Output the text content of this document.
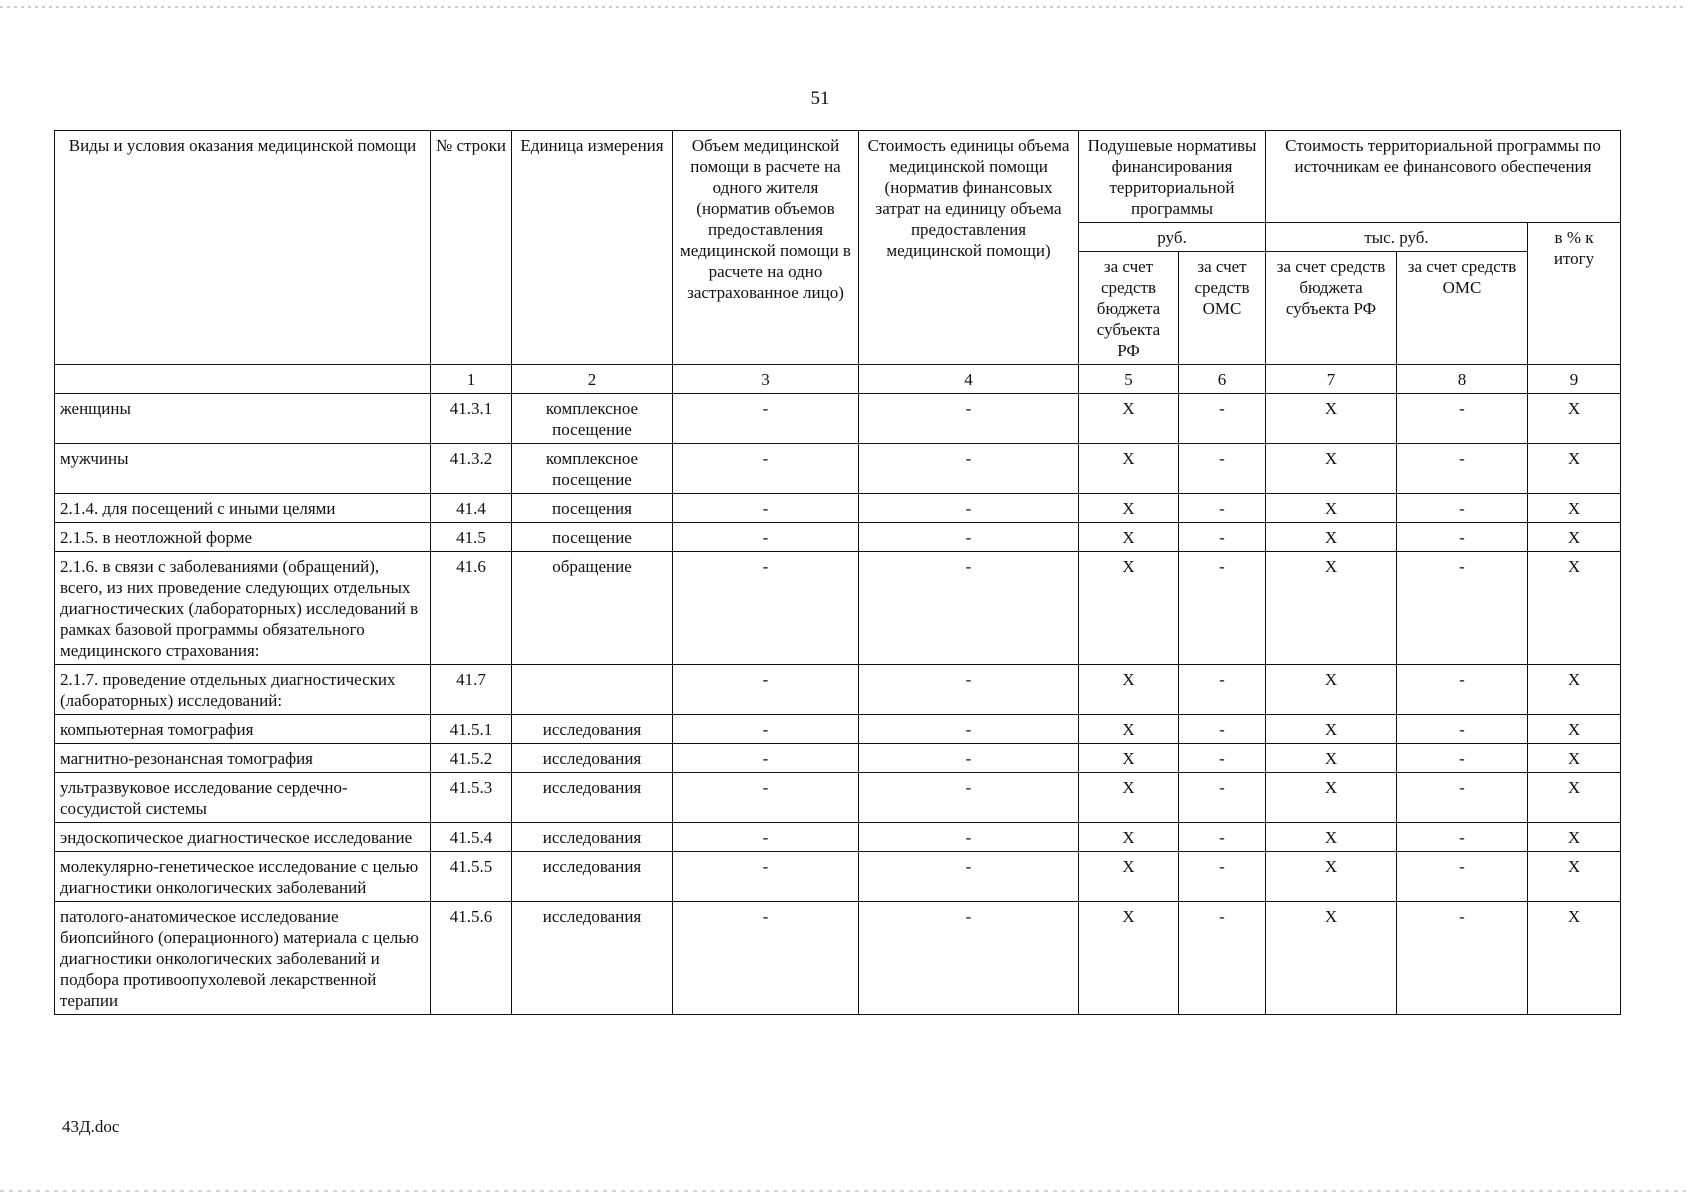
51
Виды и условия оказания медицинской помощи	№ строки	Единица измерения	Объем медицинской помощи в расчете на одного жителя (норматив объемов предоставления медицинской помощи в расчете на одно застрахованное лицо)	Стоимость единицы объема медицинской помощи (норматив финансовых затрат на единицу объема предоставления медицинской помощи)	Подушевые нормативы финансирования территориальной программы		Стоимость территориальной программы по источникам ее финансового обеспечения		
					руб.		тыс. руб.		в % к итогу
					за счет средств бюджета субъекта РФ	за счет средств ОМС	за счет средств бюджета субъекта РФ	за счет средств ОМС	
	1	2	3	4	5	6	7	8	9
женщины	41.3.1	комплексное посещение	-	-	X	-	X	-	X
мужчины	41.3.2	комплексное посещение	-	-	X	-	X	-	X
2.1.4. для посещений с иными целями	41.4	посещения	-	-	X	-	X	-	X
2.1.5. в неотложной форме	41.5	посещение	-	-	X	-	X	-	X
2.1.6. в связи с заболеваниями (обращений), всего, из них проведение следующих отдельных диагностических (лабораторных) исследований в рамках базовой программы обязательного медицинского страхования:	41.6	обращение	-	-	X	-	X	-	X
2.1.7. проведение отдельных диагностических (лабораторных) исследований:	41.7		-	-	X	-	X	-	X
компьютерная томография	41.5.1	исследования	-	-	X	-	X	-	X
магнитно-резонансная томография	41.5.2	исследования	-	-	X	-	X	-	X
ультразвуковое исследование сердечно-сосудистой системы	41.5.3	исследования	-	-	X	-	X	-	X
эндоскопическое диагностическое исследование	41.5.4	исследования	-	-	X	-	X	-	X
молекулярно-генетическое исследование с целью диагностики онкологических заболеваний	41.5.5	исследования	-	-	X	-	X	-	X
патолого-анатомическое исследование биопсийного (операционного) материала с целью диагностики онкологических заболеваний и подбора противоопухолевой лекарственной терапии	41.5.6	исследования	-	-	X	-	X	-	X
43Д.doc
